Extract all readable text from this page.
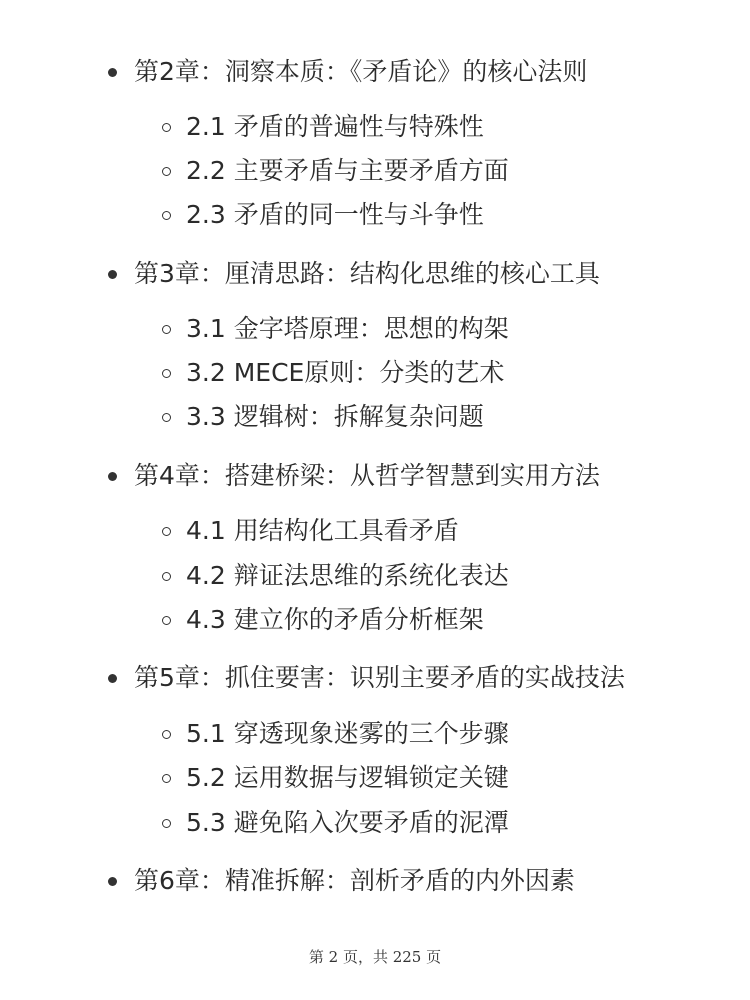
第2章：洞察本质：《矛盾论》的核心法则
2.1 矛盾的普遍性与特殊性
2.2 主要矛盾与主要矛盾方面
2.3 矛盾的同一性与斗争性
第3章：厘清思路：结构化思维的核心工具
3.1 金字塔原理：思想的构架
3.2 MECE原则：分类的艺术
3.3 逻辑树：拆解复杂问题
第4章：搭建桥梁：从哲学智慧到实用方法
4.1 用结构化工具看矛盾
4.2 辩证法思维的系统化表达
4.3 建立你的矛盾分析框架
第5章：抓住要害：识别主要矛盾的实战技法
5.1 穿透现象迷雾的三个步骤
5.2 运用数据与逻辑锁定关键
5.3 避免陷入次要矛盾的泥潭
第6章：精准拆解：剖析矛盾的内外因素
第 2 页，共 225 页
